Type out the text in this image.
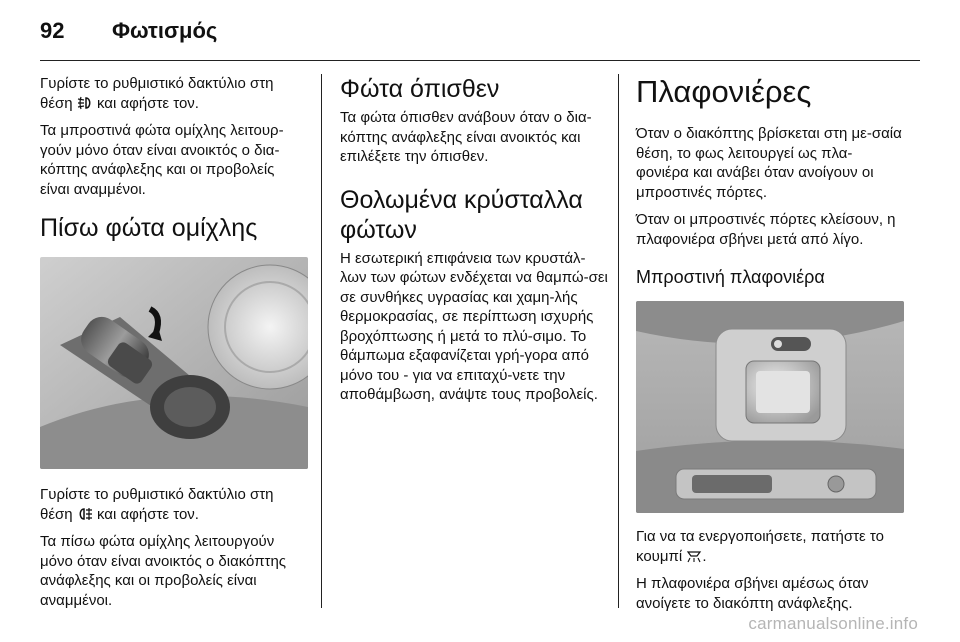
92 Φωτισμός

Γυρίστε το ρυθμιστικό δακτύλιο στη θέση και αφήστε τον.

Τα μπροστινά φώτα ομίχλης λειτουρ-γούν μόνο όταν είναι ανοικτός ο δια-κόπτης ανάφλεξης και οι προβολείς είναι αναμμένοι.

Πίσω φώτα ομίχλης

Γυρίστε το ρυθμιστικό δακτύλιο στη θέση και αφήστε τον.

Τα πίσω φώτα ομίχλης λειτουργούν μόνο όταν είναι ανοικτός ο διακόπτης ανάφλεξης και οι προβολείς είναι αναμμένοι.

Φώτα όπισθεν

Τα φώτα όπισθεν ανάβουν όταν ο δια-κόπτης ανάφλεξης είναι ανοικτός και επιλέξετε την όπισθεν.

Θολωμένα κρύσταλλα φώτων

Η εσωτερική επιφάνεια των κρυστάλ-λων των φώτων ενδέχεται να θαμπώ-σει σε συνθήκες υγρασίας και χαμη-λής θερμοκρασίας, σε περίπτωση ισχυρής βροχόπτωσης ή μετά το πλύ-σιμο. Το θάμπωμα εξαφανίζεται γρή-γορα από μόνο του - για να επιταχύ-νετε την αποθάμβωση, ανάψτε τους προβολείς.

Πλαφονιέρες

Όταν ο διακόπτης βρίσκεται στη με-σαία θέση, το φως λειτουργεί ως πλα-φονιέρα και ανάβει όταν ανοίγουν οι μπροστινές πόρτες.

Όταν οι μπροστινές πόρτες κλείσουν, η πλαφονιέρα σβήνει μετά από λίγο.

Μπροστινή πλαφονιέρα

Για να τα ενεργοποιήσετε, πατήστε το κουμπί .

Η πλαφονιέρα σβήνει αμέσως όταν ανοίγετε το διακόπτη ανάφλεξης.

carmanualsonline.info
